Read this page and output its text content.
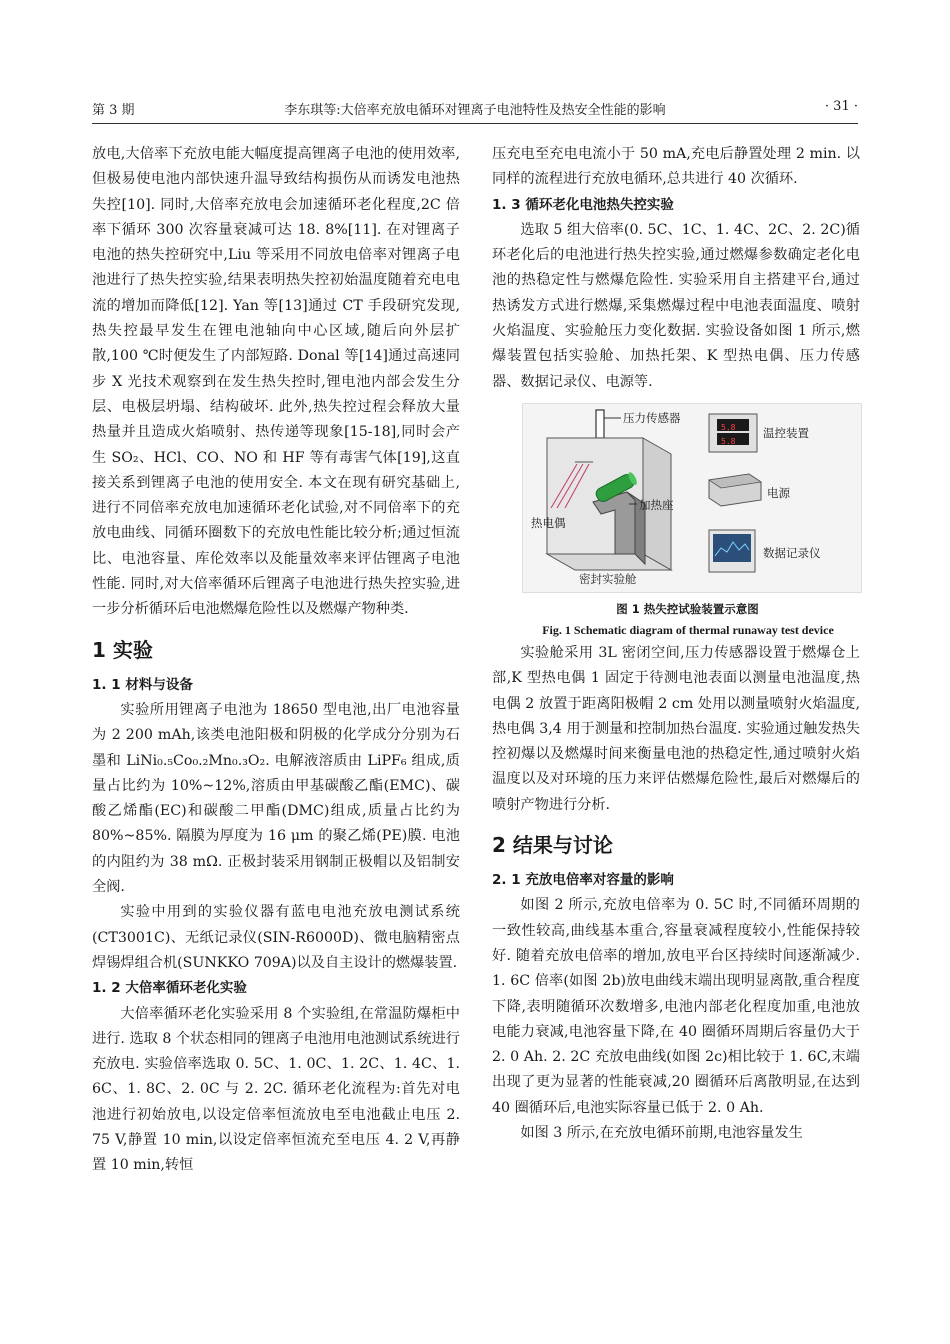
第 3 期	李东琪等:大倍率充放电循环对锂离子电池特性及热安全性能的影响	· 31 ·

放电,大倍率下充放电能大幅度提高锂离子电池的使用效率,但极易使电池内部快速升温导致结构损伤从而诱发电池热失控[10]. 同时,大倍率充放电会加速循环老化程度,2C 倍率下循环 300 次容量衰减可达 18. 8%[11]. 在对锂离子电池的热失控研究中,Liu 等采用不同放电倍率对锂离子电池进行了热失控实验,结果表明热失控初始温度随着充电电流的增加而降低[12]. Yan 等[13]通过 CT 手段研究发现,热失控最早发生在锂电池轴向中心区域,随后向外层扩散,100 ℃时便发生了内部短路. Donal 等[14]通过高速同步 X 光技术观察到在发生热失控时,锂电池内部会发生分层、电极层坍塌、结构破坏. 此外,热失控过程会释放大量热量并且造成火焰喷射、热传递等现象[15-18],同时会产生 SO₂、HCl、CO、NO 和 HF 等有毒害气体[19],这直接关系到锂离子电池的使用安全. 本文在现有研究基础上,进行不同倍率充放电加速循环老化试验,对不同倍率下的充放电曲线、同循环圈数下的充放电性能比较分析;通过恒流比、电池容量、库伦效率以及能量效率来评估锂离子电池性能. 同时,对大倍率循环后锂离子电池进行热失控实验,进一步分析循环后电池燃爆危险性以及燃爆产物种类.

1 实验
1. 1 材料与设备

实验所用锂离子电池为 18650 型电池,出厂电池容量为 2 200 mAh,该类电池阳极和阴极的化学成分分别为石墨和 LiNi₀.₅Co₀.₂Mn₀.₃O₂. 电解液溶质由 LiPF₆ 组成,质量占比约为 10%~12%,溶质由甲基碳酸乙酯(EMC)、碳酸乙烯酯(EC)和碳酸二甲酯(DMC)组成,质量占比约为 80%~85%. 隔膜为厚度为 16 μm 的聚乙烯(PE)膜. 电池的内阻约为 38 mΩ. 正极封装采用钢制正极帽以及铝制安全阀.

实验中用到的实验仪器有蓝电电池充放电测试系统(CT3001C)、无纸记录仪(SIN-R6000D)、微电脑精密点焊锡焊组合机(SUNKKO 709A)以及自主设计的燃爆装置.

1. 2 大倍率循环老化实验

大倍率循环老化实验采用 8 个实验组,在常温防爆柜中进行. 选取 8 个状态相同的锂离子电池用电池测试系统进行充放电. 实验倍率选取 0. 5C、1. 0C、1. 2C、1. 4C、1. 6C、1. 8C、2. 0C 与 2. 2C. 循环老化流程为:首先对电池进行初始放电,以设定倍率恒流放电至电池截止电压 2. 75 V,静置 10 min,以设定倍率恒流充至电压 4. 2 V,再静置 10 min,转恒

压充电至充电电流小于 50 mA,充电后静置处理 2 min. 以同样的流程进行充放电循环,总共进行 40 次循环.

1. 3 循环老化电池热失控实验

选取 5 组大倍率(0. 5C、1C、1. 4C、2C、2. 2C)循环老化后的电池进行热失控实验,通过燃爆参数确定老化电池的热稳定性与燃爆危险性. 实验采用自主搭建平台,通过热诱发方式进行燃爆,采集燃爆过程中电池表面温度、喷射火焰温度、实验舱压力变化数据. 实验设备如图 1 所示,燃爆装置包括实验舱、加热托架、K 型热电偶、压力传感器、数据记录仪、电源等.

压力传感器
5.8
5.8
温控装置
加热座
电源
热电偶
数据记录仪
密封实验舱

图 1 热失控试验装置示意图

Fig. 1 Schematic diagram of thermal runaway test device

实验舱采用 3L 密闭空间,压力传感器设置于燃爆仓上部,K 型热电偶 1 固定于待测电池表面以测量电池温度,热电偶 2 放置于距离阳极帽 2 cm 处用以测量喷射火焰温度,热电偶 3,4 用于测量和控制加热台温度. 实验通过触发热失控初爆以及燃爆时间来衡量电池的热稳定性,通过喷射火焰温度以及对环境的压力来评估燃爆危险性,最后对燃爆后的喷射产物进行分析.

2 结果与讨论
2. 1 充放电倍率对容量的影响

如图 2 所示,充放电倍率为 0. 5C 时,不同循环周期的一致性较高,曲线基本重合,容量衰减程度较小,性能保持较好. 随着充放电倍率的增加,放电平台区持续时间逐渐减少. 1. 6C 倍率(如图 2b)放电曲线末端出现明显离散,重合程度下降,表明随循环次数增多,电池内部老化程度加重,电池放电能力衰减,电池容量下降,在 40 圈循环周期后容量仍大于 2. 0 Ah. 2. 2C 充放电曲线(如图 2c)相比较于 1. 6C,末端出现了更为显著的性能衰减,20 圈循环后离散明显,在达到 40 圈循环后,电池实际容量已低于 2. 0 Ah.

如图 3 所示,在充放电循环前期,电池容量发生
